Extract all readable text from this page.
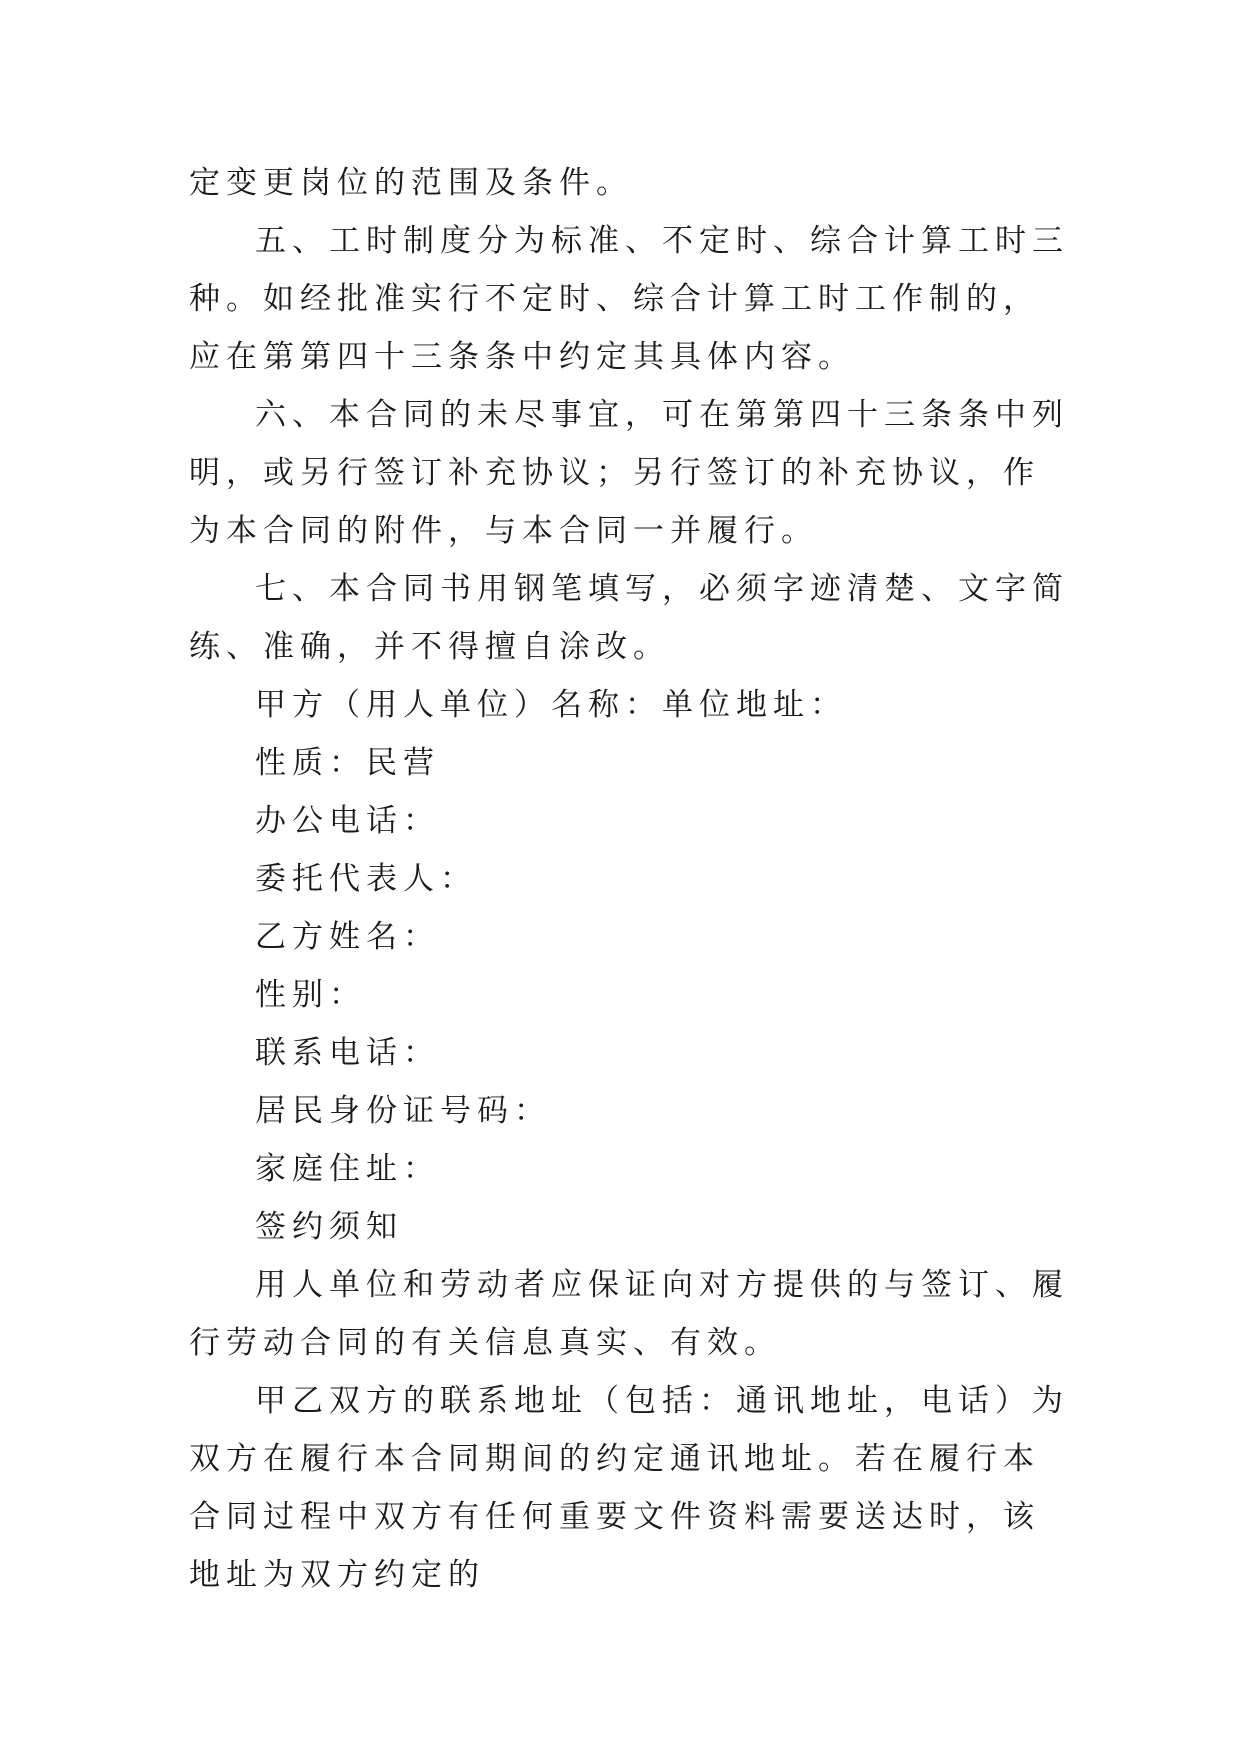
定变更岗位的范围及条件。

五、工时制度分为标准、不定时、综合计算工时三种。如经批准实行不定时、综合计算工时工作制的，应在第第四十三条条中约定其具体内容。

六、本合同的未尽事宜，可在第第四十三条条中列明，或另行签订补充协议；另行签订的补充协议，作为本合同的附件，与本合同一并履行。

七、本合同书用钢笔填写，必须字迹清楚、文字简练、准确，并不得擅自涂改。

甲方（用人单位）名称：单位地址：

性质：民营

办公电话：

委托代表人：

乙方姓名：

性别：

联系电话：

居民身份证号码：

家庭住址：

签约须知

用人单位和劳动者应保证向对方提供的与签订、履行劳动合同的有关信息真实、有效。

甲乙双方的联系地址（包括：通讯地址，电话）为双方在履行本合同期间的约定通讯地址。若在履行本合同过程中双方有任何重要文件资料需要送达时，该地址为双方约定的
